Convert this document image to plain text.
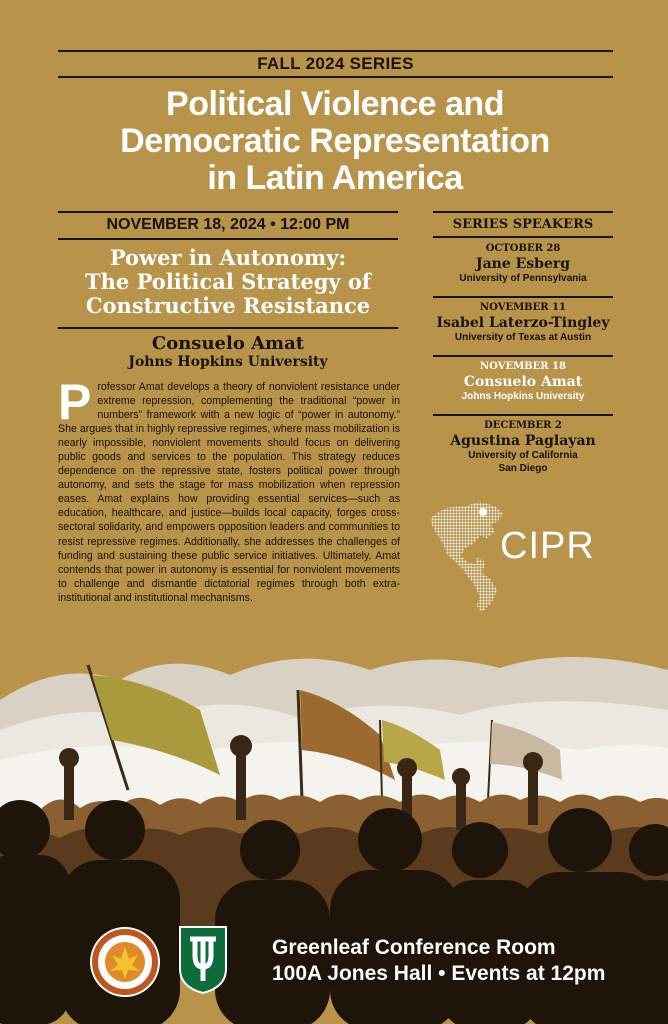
FALL 2024 SERIES
Political Violence and
Democratic Representation
in Latin America
NOVEMBER 18, 2024 • 12:00 PM
Power in Autonomy:
The Political Strategy of
Constructive Resistance
Consuelo Amat
Johns Hopkins University
P rofessor Amat develops a theory of nonviolent resistance under extreme repression, complementing the traditional “power in numbers” framework with a new logic of “power in autonomy.” She argues that in highly repressive regimes, where mass mobilization is nearly impossible, nonviolent movements should focus on delivering public goods and services to the population. This strategy reduces dependence on the repressive state, fosters political power through autonomy, and sets the stage for mass mobilization when repression eases. Amat explains how providing essential services—such as education, healthcare, and justice—builds local capacity, forges cross-sectoral solidarity, and empowers opposition leaders and communities to resist repressive regimes. Additionally, she addresses the challenges of funding and sustaining these public service initiatives. Ultimately, Amat contends that power in autonomy is essential for nonviolent movements to challenge and dismantle dictatorial regimes through both extra-institutional and institutional mechanisms.
SERIES SPEAKERS
OCTOBER 28
Jane Esberg
University of Pennsylvania
NOVEMBER 11
Isabel Laterzo-Tingley
University of Texas at Austin
NOVEMBER 18
Consuelo Amat
Johns Hopkins University
DECEMBER 2
Agustina Paglayan
University of California
San Diego
CIPR
Greenleaf Conference Room
100A Jones Hall • Events at 12pm
